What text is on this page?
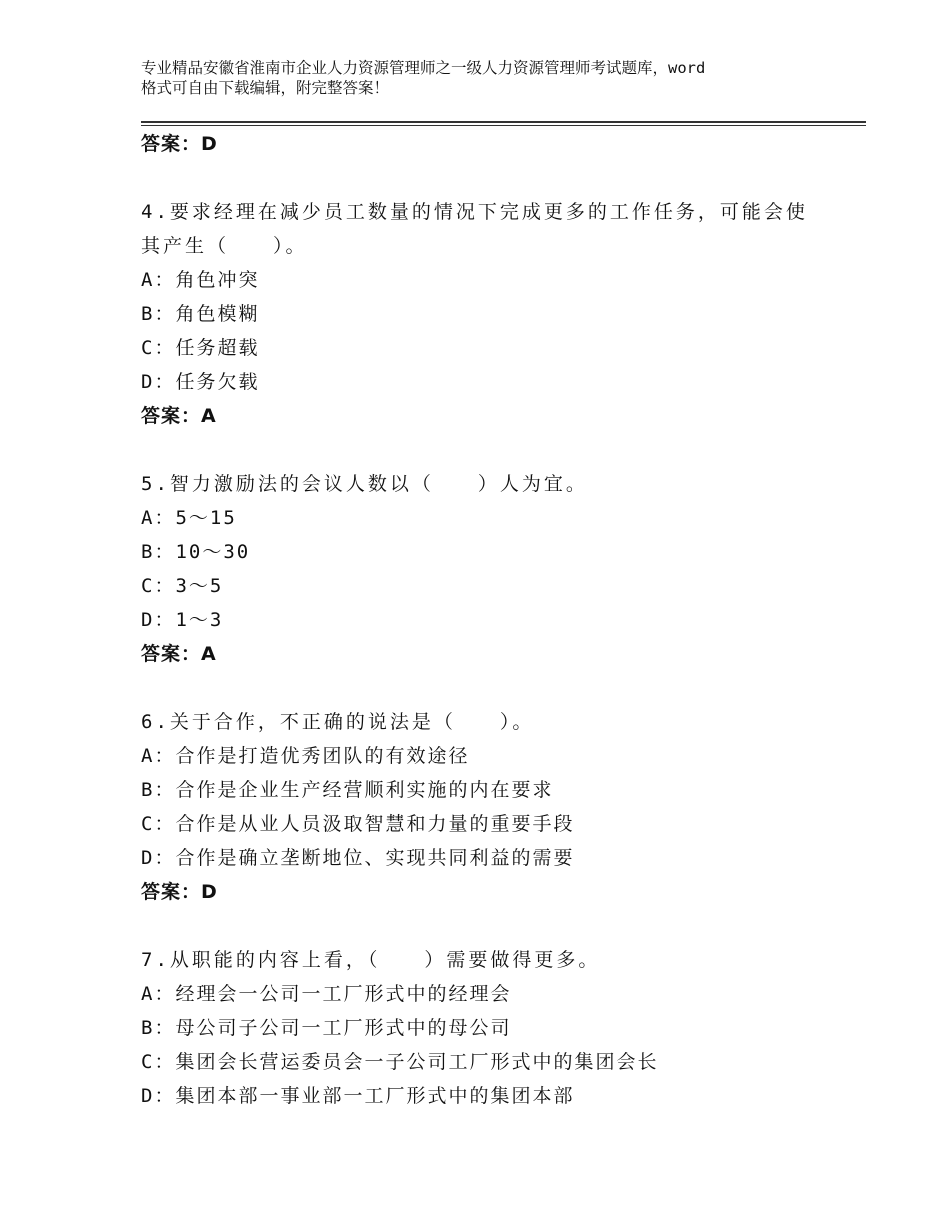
专业精品安徽省淮南市企业人力资源管理师之一级人力资源管理师考试题库，word
格式可自由下载编辑，附完整答案！
答案：D
4.要求经理在减少员工数量的情况下完成更多的工作任务，可能会使
其产生（　　）。
A：角色冲突
B：角色模糊
C：任务超载
D：任务欠载
答案：A
5.智力激励法的会议人数以（　　）人为宜。
A：5～15
B：10～30
C：3～5
D：1～3
答案：A
6.关于合作，不正确的说法是（　　）。
A：合作是打造优秀团队的有效途径
B：合作是企业生产经营顺利实施的内在要求
C：合作是从业人员汲取智慧和力量的重要手段
D：合作是确立垄断地位、实现共同利益的需要
答案：D
7.从职能的内容上看，（　　）需要做得更多。
A：经理会一公司一工厂形式中的经理会
B：母公司子公司一工厂形式中的母公司
C：集团会长营运委员会一子公司工厂形式中的集团会长
D：集团本部一事业部一工厂形式中的集团本部
